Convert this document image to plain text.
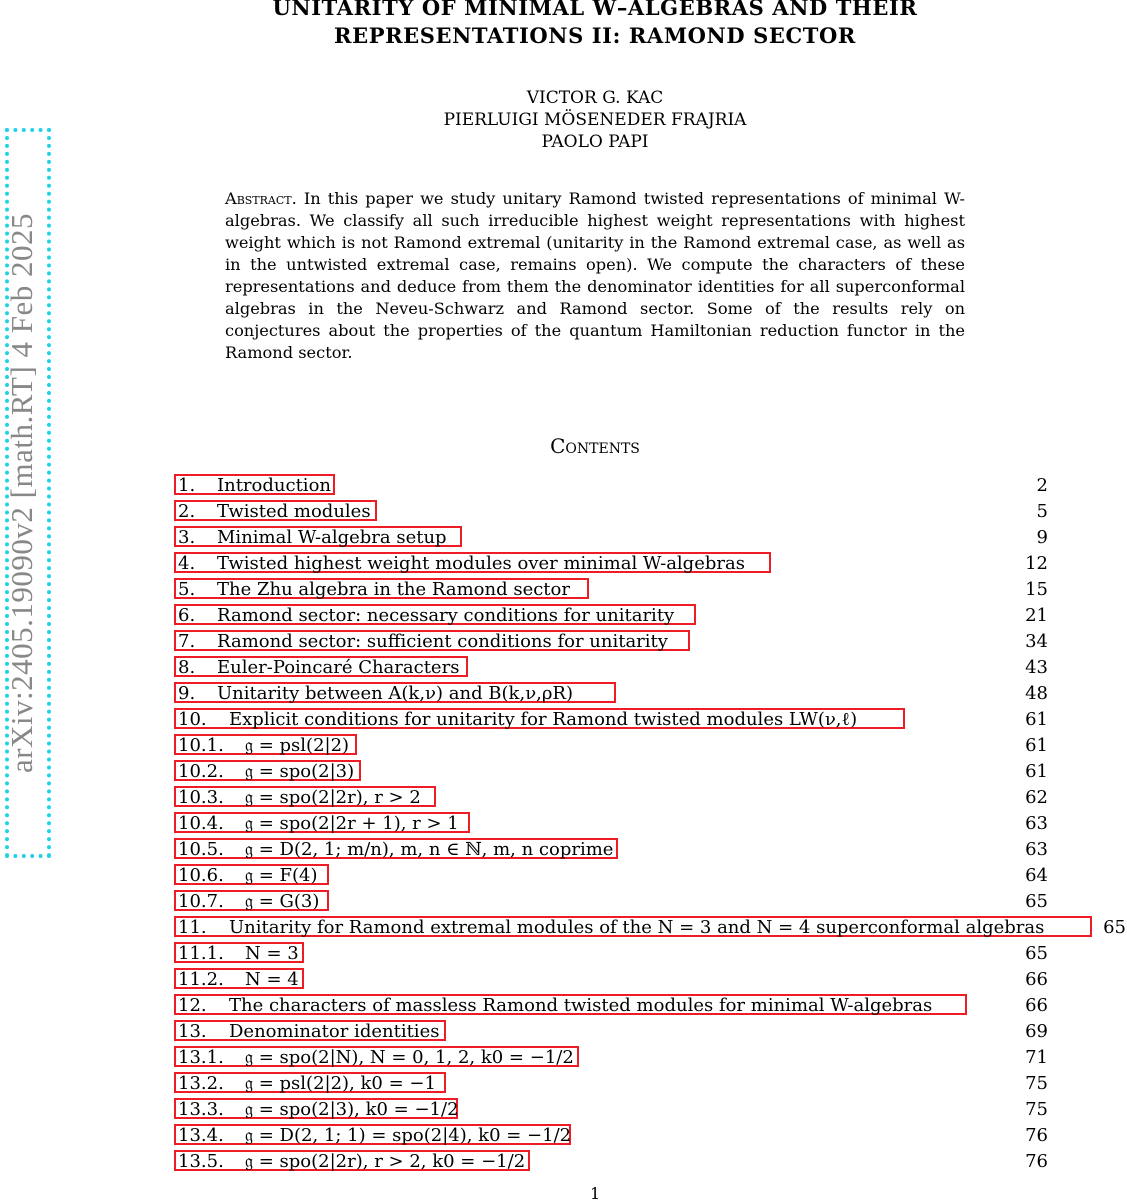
arXiv:2405.19090v2 [math.RT] 4 Feb 2025
UNITARITY OF MINIMAL W–ALGEBRAS AND THEIR
REPRESENTATIONS II: RAMOND SECTOR
VICTOR G. KAC
PIERLUIGI MÖSENEDER FRAJRIA
PAOLO PAPI
Abstract. In this paper we study unitary Ramond twisted representations of minimal W-algebras. We classify all such irreducible highest weight representations with highest weight which is not Ramond extremal (unitarity in the Ramond extremal case, as well as in the untwisted extremal case, remains open). We compute the characters of these representations and deduce from them the denominator identities for all superconformal algebras in the Neveu-Schwarz and Ramond sector. Some of the results rely on conjectures about the properties of the quantum Hamiltonian reduction functor in the Ramond sector.
Contents
1. Introduction	2
2. Twisted modules	5
3. Minimal W-algebra setup	9
4. Twisted highest weight modules over minimal W-algebras	12
5. The Zhu algebra in the Ramond sector	15
6. Ramond sector: necessary conditions for unitarity	21
7. Ramond sector: sufficient conditions for unitarity	34
8. Euler-Poincaré Characters	43
9. Unitarity between A(k,ν) and B(k,ν,ρR)	48
10. Explicit conditions for unitarity for Ramond twisted modules LW(ν,ℓ)	61
10.1. 𝔤 = psl(2|2)	61
10.2. 𝔤 = spo(2|3)	61
10.3. 𝔤 = spo(2|2r), r > 2	62
10.4. 𝔤 = spo(2|2r + 1), r > 1	63
10.5. 𝔤 = D(2, 1; m/n), m, n ∈ ℕ, m, n coprime	63
10.6. 𝔤 = F(4)	64
10.7. 𝔤 = G(3)	65
11. Unitarity for Ramond extremal modules of the N = 3 and N = 4 superconformal algebras	65
11.1. N = 3	65
11.2. N = 4	66
12. The characters of massless Ramond twisted modules for minimal W-algebras	66
13. Denominator identities	69
13.1. 𝔤 = spo(2|N), N = 0, 1, 2, k0 = −1/2	71
13.2. 𝔤 = psl(2|2), k0 = −1	75
13.3. 𝔤 = spo(2|3), k0 = −1/2	75
13.4. 𝔤 = D(2, 1; 1) = spo(2|4), k0 = −1/2	76
13.5. 𝔤 = spo(2|2r), r > 2, k0 = −1/2	76
1
